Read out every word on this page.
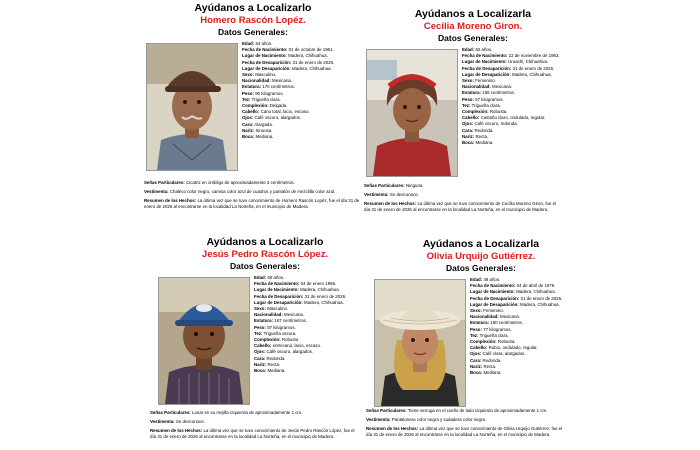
Ayúdanos a Localizarlo
Homero Rascón Lopéz.
Datos Generales:
Edad: 64 años.
Fecha de Nacimiento: 01 de octubre de 1961.
Lugar de Nacimiento: Madera, Chihuahua.
Fecha de Desaparición: 31 de enero de 2026.
Lugar de Desaparición: Madera, Chihuahua.
Sexo: Masculino.
Nacionalidad: Mexicana.
Estatura: 170 centímetros.
Peso: 90 kilogramos.
Tez: Trigueña clara.
Complexión: Delgada.
Cabello: Cano total, lacio, escaso.
Ojos: Café oscuro, alargados.
Cara: Alargada.
Nariz: Sinuosa.
Boca: Mediana.

Señas Particulares: Cicatriz en ombligo de aproximadamente 3 centímetros.

Vestimenta: Chaleco color negro, camisa color azul de cuadros y pantalón de mezclilla color azul.

Resumen de los Hechos: La última vez que se tuvo conocimiento de Homero Rascón Lopéz, fue el día 31 de enero de 2026 al encontrarse en la localidad La Norteña, en el municipio de Madera.

Ayúdanos a Localizarla
Cecilia Moreno Giron.
Datos Generales:
Edad: 62 años.
Fecha de Nacimiento: 22 de noviembre de 1963.
Lugar de Nacimiento: Uruachi, Chihuahua.
Fecha de Desaparición: 31 de enero de 2026.
Lugar de Desaparición: Madera, Chihuahua.
Sexo: Femenino.
Nacionalidad: Mexicana.
Estatura: 155 centímetros.
Peso: 67 kilogramos.
Tez: Trigueña clara.
Complexión: Robusta.
Cabello: Castaño claro, ondulado, regular.
Ojos: Café oscuro, redonda.
Cara: Redonda.
Nariz: Recta.
Boca: Mediana.

Señas Particulares: Ninguna.

Vestimenta: Se desconoce.

Resumen de los Hechos: La última vez que se tuvo conocimiento de Cecilia Moreno Giron, fue el día 31 de enero de 2026 al encontrarse en la localidad La Norteña, en el municipio de Madera.

Ayúdanos a Localizarlo
Jesús Pedro Rascón López.
Datos Generales:
Edad: 60 años.
Fecha de Nacimiento: 04 de enero 1966.
Lugar de Nacimiento: Madera, Chihuahua.
Fecha de Desaparición: 31 de enero de 2026.
Lugar de Desaparición: Madera, Chihuahua.
Sexo: Masculino.
Nacionalidad: Mexicana.
Estatura: 167 centímetros.
Peso: 97 kilogramos.
Tez: Trigueña oscura.
Complexión: Robusto.
Cabello: entrecano, lacio, escaso.
Ojos: Café oscuro, alargados.
Cara: Redonda.
Nariz: Recta.
Boca: Mediana.

Señas Particulares: Lunar en su mejilla izquierda de aproximadamente 1 cm.

Vestimenta: Se desconoce.

Resumen de los Hechos: La última vez que se tuvo conocimiento de Jesús Pedro Rascón López, fue el día 31 de enero de 2026 al encontrarse en la localidad La Norteña, en el municipio de Madera.

Ayúdanos a Localizarla
Olivia Urquijo Gutiérrez.
Datos Generales:
Edad: 49 años.
Fecha de Nacimiento: 04 de abril de 1976.
Lugar de Nacimiento: Madera, Chihuahua.
Fecha de Desaparición: 31 de enero de 2026.
Lugar de Desaparición: Madera, Chihuahua.
Sexo: Femenino.
Nacionalidad: Mexicana.
Estatura: 150 centímetros.
Peso: 77 kilogramos.
Tez: Trigueña clara.
Complexión: Robusta.
Cabello: Rubio, ondulado, regular.
Ojos: Café clara, alargados.
Cara: Redonda.
Nariz: Recta.
Boca: Mediana.

Señas Particulares: Tiene verruga en el cuello de lado izquierdo de aproximadamente 1 cm.

Vestimenta: Pantalonera color negra y sudadera color negra.

Resumen de los Hechos: La última vez que se tuvo conocimiento de Olivia Urquijo Gutiérrez, fue el día 31 de enero de 2026 al encontrarse en la localidad La Norteña, en el municipio de Madera.
